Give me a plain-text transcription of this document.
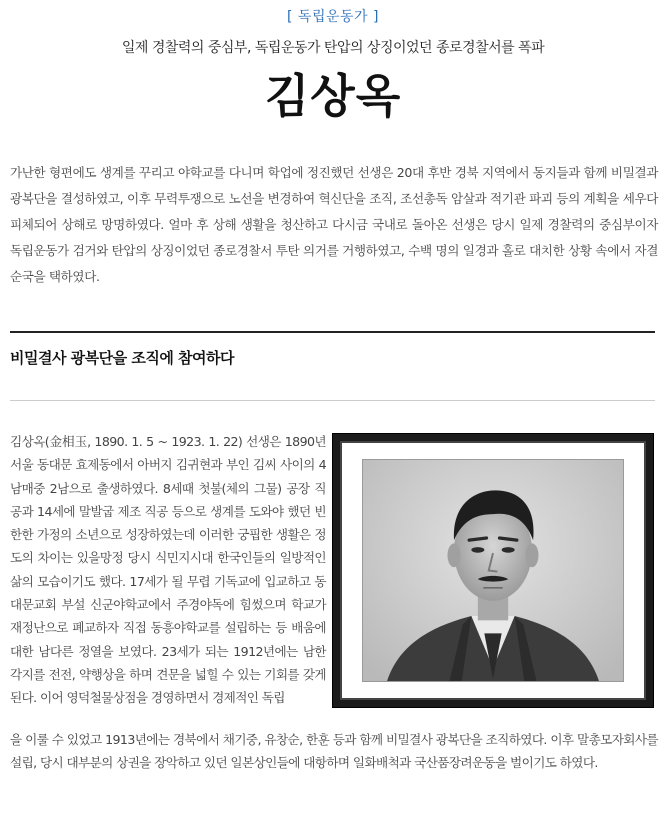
[ 독립운동가 ]
일제 경찰력의 중심부, 독립운동가 탄압의 상징이었던 종로경찰서를 폭파
김상옥

가난한 형편에도 생계를 꾸리고 야학교를 다니며 학업에 정진했던 선생은 20대 후반 경북 지역에서 동지들과 함께 비밀결과 광복단을 결성하였고, 이후 무력투쟁으로 노선을 변경하여 혁신단을 조직, 조선총독 암살과 적기관 파괴 등의 계획을 세우다 피체되어 상해로 망명하였다. 얼마 후 상해 생활을 청산하고 다시금 국내로 돌아온 선생은 당시 일제 경찰력의 중심부이자 독립운동가 검거와 탄압의 상징이었던 종로경찰서 투탄 의거를 거행하였고, 수백 명의 일경과 홀로 대치한 상황 속에서 자결 순국을 택하였다.

비밀결사 광복단을 조직에 참여하다

김상옥(金相玉, 1890. 1. 5 ~ 1923. 1. 22) 선생은 1890년 서울 동대문 효제동에서 아버지 김귀현과 부인 김씨 사이의 4남매중 2남으로 출생하였다. 8세때 첫불(체의 그물) 공장 직공과 14세에 말발굽 제조 직공 등으로 생계를 도와야 했던 빈한한 가정의 소년으로 성장하였는데 이러한 궁핍한 생활은 정도의 차이는 있을망정 당시 식민지시대 한국인들의 일방적인 삶의 모습이기도 했다. 17세가 될 무렵 기독교에 입교하고 동대문교회 부설 신군야학교에서 주경야독에 힘썼으며 학교가 재정난으로 폐교하자 직접 동흥야학교를 설립하는 등 배움에 대한 남다른 정열을 보였다. 23세가 되는 1912년에는 남한 각지를 전전, 약행상을 하며 견문을 넓힐 수 있는 기회를 갖게 된다. 이어 영덕철물상점을 경영하면서 경제적인 독립

을 이룰 수 있었고 1913년에는 경북에서 채기중, 유창순, 한훈 등과 함께 비밀결사 광복단을 조직하였다. 이후 말총모자회사를 설립, 당시 대부분의 상권을 장악하고 있던 일본상인들에 대항하며 일화배척과 국산품장려운동을 벌이기도 하였다.
